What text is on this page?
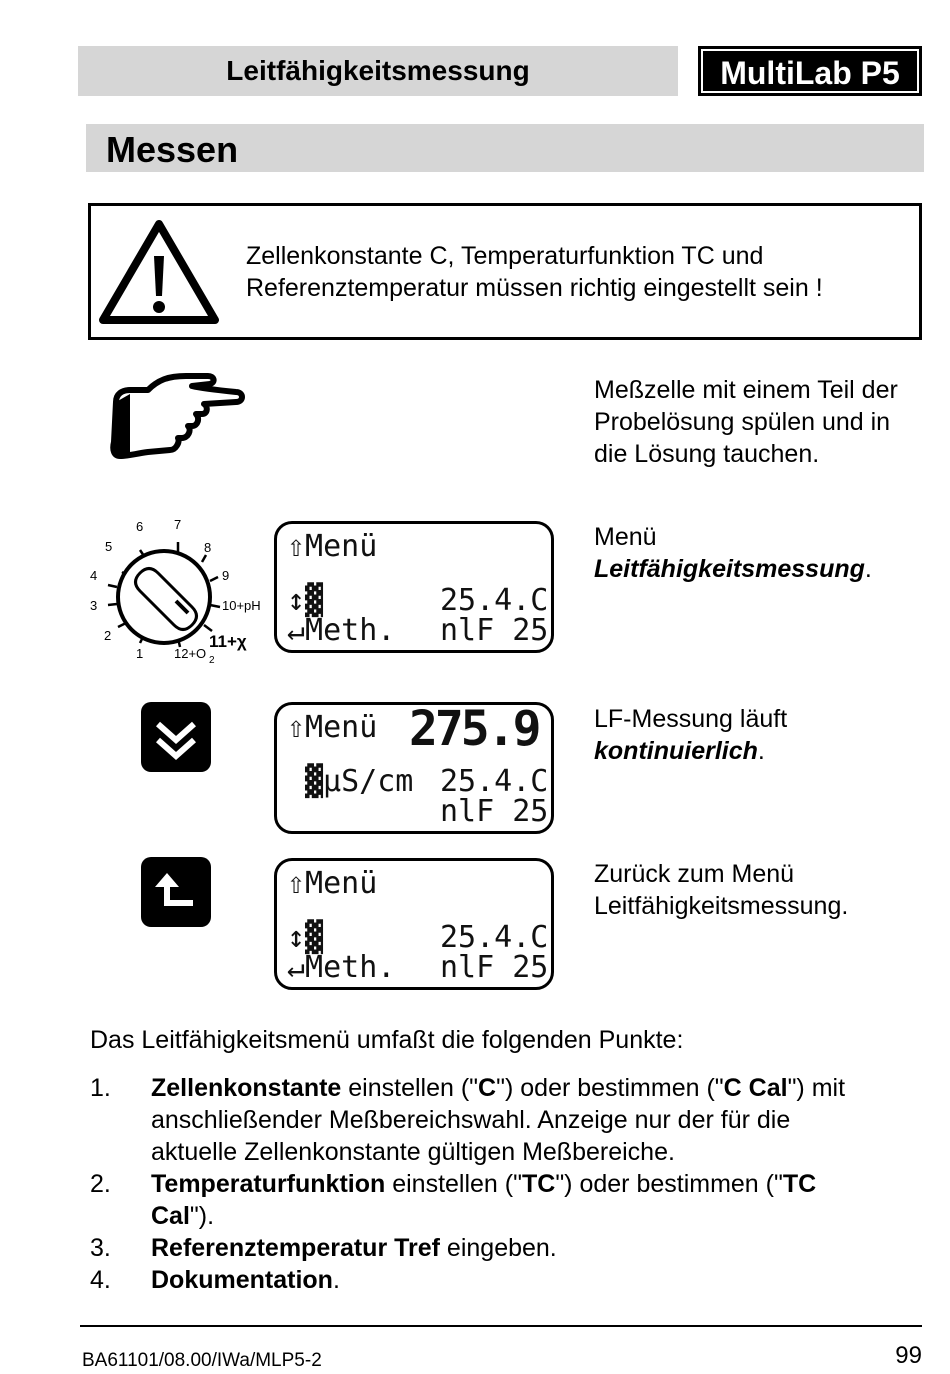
Leitfähigkeitsmessung	MultiLab P5
Messen
Zellenkonstante C, Temperaturfunktion TC und
Referenztemperatur müssen richtig eingestellt sein !
Meßzelle mit einem Teil der
Probelösung spülen und in
die Lösung tauchen.
6 7
5	8
4	9
3	10+pH
2	11+χ
1 12+O 2
⇧Menü
↕▓	25.4.C
↵Meth. nlF 25
Menü
Leitfähigkeitsmessung.
⇧Menü 275.9
▓µS/cm 25.4.C
nlF 25
LF-Messung läuft
kontinuierlich.
⇧Menü
↕▓	25.4.C
↵Meth. nlF 25
Zurück zum Menü
Leitfähigkeitsmessung.
Das Leitfähigkeitsmenü umfaßt die folgenden Punkte:
1. Zellenkonstante einstellen ("C") oder bestimmen ("C Cal") mit
anschließender Meßbereichswahl. Anzeige nur der für die
aktuelle Zellenkonstante gültigen Meßbereiche.
2. Temperaturfunktion einstellen ("TC") oder bestimmen ("TC
Cal").
3. Referenztemperatur Tref eingeben.
4. Dokumentation.
BA61101/08.00/IWa/MLP5-2	99
